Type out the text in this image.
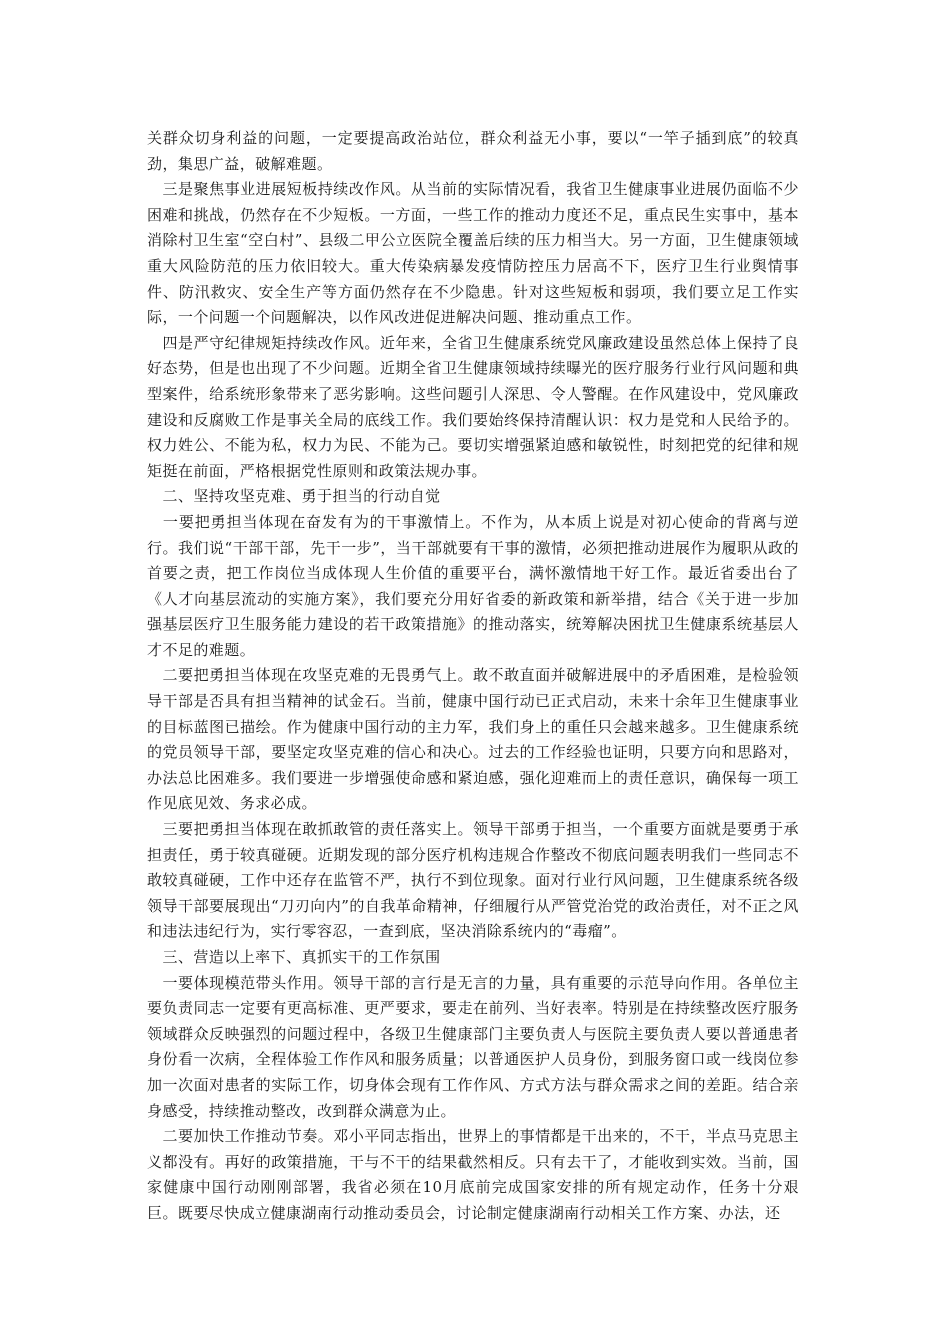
关群众切身利益的问题，一定要提高政治站位，群众利益无小事，要以“一竿子插到底”的较真劲，集思广益，破解难题。

　三是聚焦事业进展短板持续改作风。从当前的实际情况看，我省卫生健康事业进展仍面临不少困难和挑战，仍然存在不少短板。一方面，一些工作的推动力度还不足，重点民生实事中，基本消除村卫生室“空白村”、县级二甲公立医院全覆盖后续的压力相当大。另一方面，卫生健康领域重大风险防范的压力依旧较大。重大传染病暴发疫情防控压力居高不下，医疗卫生行业舆情事件、防汛救灾、安全生产等方面仍然存在不少隐患。针对这些短板和弱项，我们要立足工作实际，一个问题一个问题解决，以作风改进促进解决问题、推动重点工作。

　四是严守纪律规矩持续改作风。近年来，全省卫生健康系统党风廉政建设虽然总体上保持了良好态势，但是也出现了不少问题。近期全省卫生健康领域持续曝光的医疗服务行业行风问题和典型案件，给系统形象带来了恶劣影响。这些问题引人深思、令人警醒。在作风建设中，党风廉政建设和反腐败工作是事关全局的底线工作。我们要始终保持清醒认识：权力是党和人民给予的。权力姓公、不能为私，权力为民、不能为己。要切实增强紧迫感和敏锐性，时刻把党的纪律和规矩挺在前面，严格根据党性原则和政策法规办事。

　二、坚持攻坚克难、勇于担当的行动自觉

　一要把勇担当体现在奋发有为的干事激情上。不作为，从本质上说是对初心使命的背离与逆行。我们说“干部干部，先干一步”，当干部就要有干事的激情，必须把推动进展作为履职从政的首要之责，把工作岗位当成体现人生价值的重要平台，满怀激情地干好工作。最近省委出台了《人才向基层流动的实施方案》，我们要充分用好省委的新政策和新举措，结合《关于进一步加强基层医疗卫生服务能力建设的若干政策措施》的推动落实，统筹解决困扰卫生健康系统基层人才不足的难题。

　二要把勇担当体现在攻坚克难的无畏勇气上。敢不敢直面并破解进展中的矛盾困难，是检验领导干部是否具有担当精神的试金石。当前，健康中国行动已正式启动，未来十余年卫生健康事业的目标蓝图已描绘。作为健康中国行动的主力军，我们身上的重任只会越来越多。卫生健康系统的党员领导干部，要坚定攻坚克难的信心和决心。过去的工作经验也证明，只要方向和思路对，办法总比困难多。我们要进一步增强使命感和紧迫感，强化迎难而上的责任意识，确保每一项工作见底见效、务求必成。

　三要把勇担当体现在敢抓敢管的责任落实上。领导干部勇于担当，一个重要方面就是要勇于承担责任，勇于较真碰硬。近期发现的部分医疗机构违规合作整改不彻底问题表明我们一些同志不敢较真碰硬，工作中还存在监管不严，执行不到位现象。面对行业行风问题，卫生健康系统各级领导干部要展现出“刀刃向内”的自我革命精神，仔细履行从严管党治党的政治责任，对不正之风和违法违纪行为，实行零容忍，一查到底，坚决消除系统内的“毒瘤”。

　三、营造以上率下、真抓实干的工作氛围

　一要体现模范带头作用。领导干部的言行是无言的力量，具有重要的示范导向作用。各单位主要负责同志一定要有更高标准、更严要求，要走在前列、当好表率。特别是在持续整改医疗服务领域群众反映强烈的问题过程中，各级卫生健康部门主要负责人与医院主要负责人要以普通患者身份看一次病，全程体验工作作风和服务质量；以普通医护人员身份，到服务窗口或一线岗位参加一次面对患者的实际工作，切身体会现有工作作风、方式方法与群众需求之间的差距。结合亲身感受，持续推动整改，改到群众满意为止。

　二要加快工作推动节奏。邓小平同志指出，世界上的事情都是干出来的，不干，半点马克思主义都没有。再好的政策措施，干与不干的结果截然相反。只有去干了，才能收到实效。当前，国家健康中国行动刚刚部署，我省必须在10月底前完成国家安排的所有规定动作，任务十分艰巨。既要尽快成立健康湖南行动推动委员会，讨论制定健康湖南行动相关工作方案、办法，还
